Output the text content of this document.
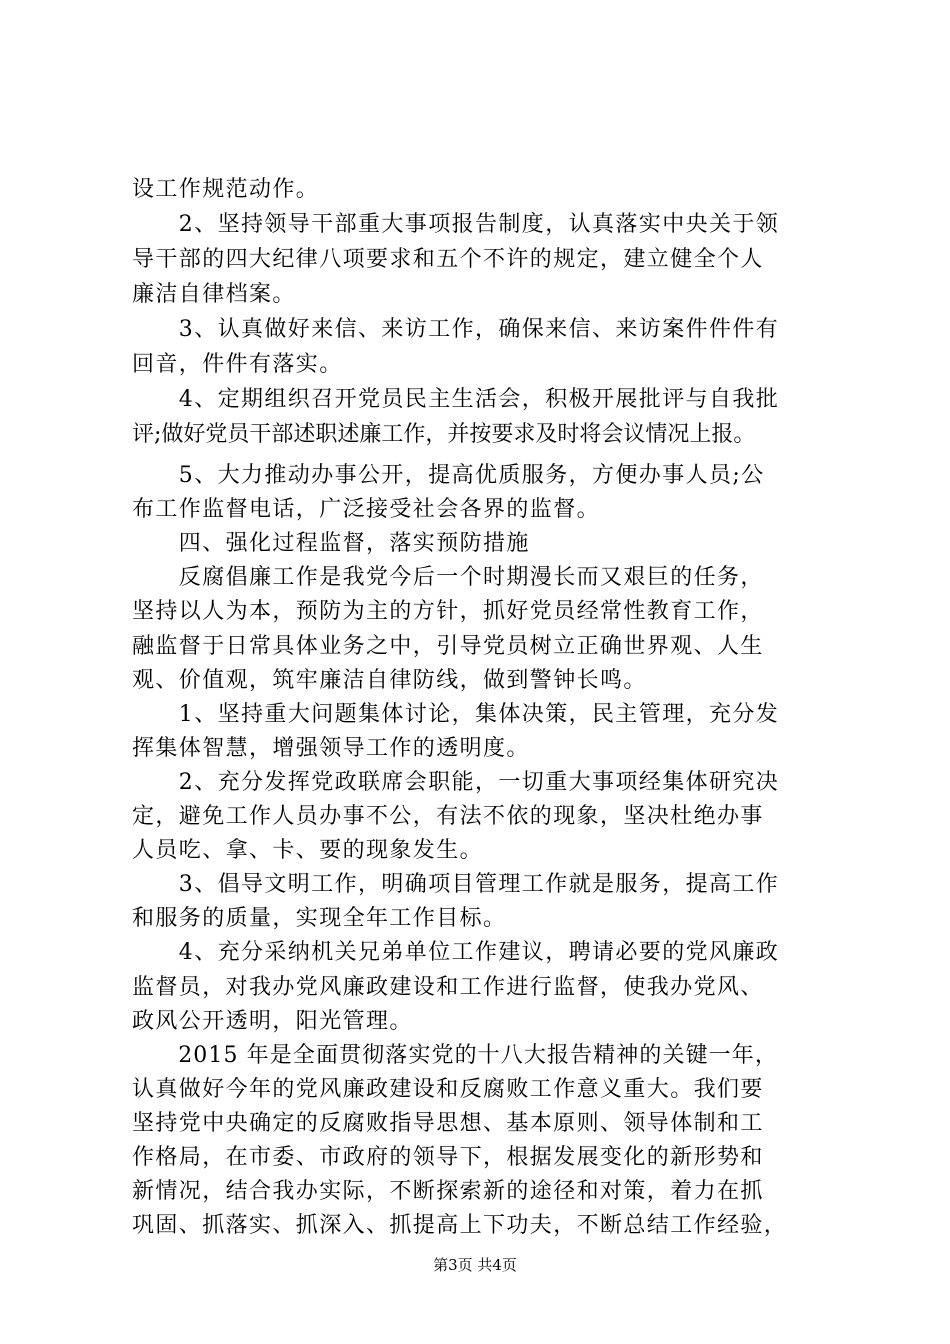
设工作规范动作。
　　2、坚持领导干部重大事项报告制度，认真落实中央关于领
导干部的四大纪律八项要求和五个不许的规定，建立健全个人
廉洁自律档案。
　　3、认真做好来信、来访工作，确保来信、来访案件件件有
回音，件件有落实。
　　4、定期组织召开党员民主生活会，积极开展批评与自我批
评;做好党员干部述职述廉工作，并按要求及时将会议情况上报。
　　5、大力推动办事公开，提高优质服务，方便办事人员;公
布工作监督电话，广泛接受社会各界的监督。
　　四、强化过程监督，落实预防措施
　　反腐倡廉工作是我党今后一个时期漫长而又艰巨的任务，
坚持以人为本，预防为主的方针，抓好党员经常性教育工作，
融监督于日常具体业务之中，引导党员树立正确世界观、人生
观、价值观，筑牢廉洁自律防线，做到警钟长鸣。
　　1、坚持重大问题集体讨论，集体决策，民主管理，充分发
挥集体智慧，增强领导工作的透明度。
　　2、充分发挥党政联席会职能，一切重大事项经集体研究决
定，避免工作人员办事不公，有法不依的现象，坚决杜绝办事
人员吃、拿、卡、要的现象发生。
　　3、倡导文明工作，明确项目管理工作就是服务，提高工作
和服务的质量，实现全年工作目标。
　　4、充分采纳机关兄弟单位工作建议，聘请必要的党风廉政
监督员，对我办党风廉政建设和工作进行监督，使我办党风、
政风公开透明，阳光管理。
　　2015 年是全面贯彻落实党的十八大报告精神的关键一年，
认真做好今年的党风廉政建设和反腐败工作意义重大。我们要
坚持党中央确定的反腐败指导思想、基本原则、领导体制和工
作格局，在市委、市政府的领导下，根据发展变化的新形势和
新情况，结合我办实际，不断探索新的途径和对策，着力在抓
第3页 共4页
巩固、抓落实、抓深入、抓提高上下功夫，不断总结工作经验，
